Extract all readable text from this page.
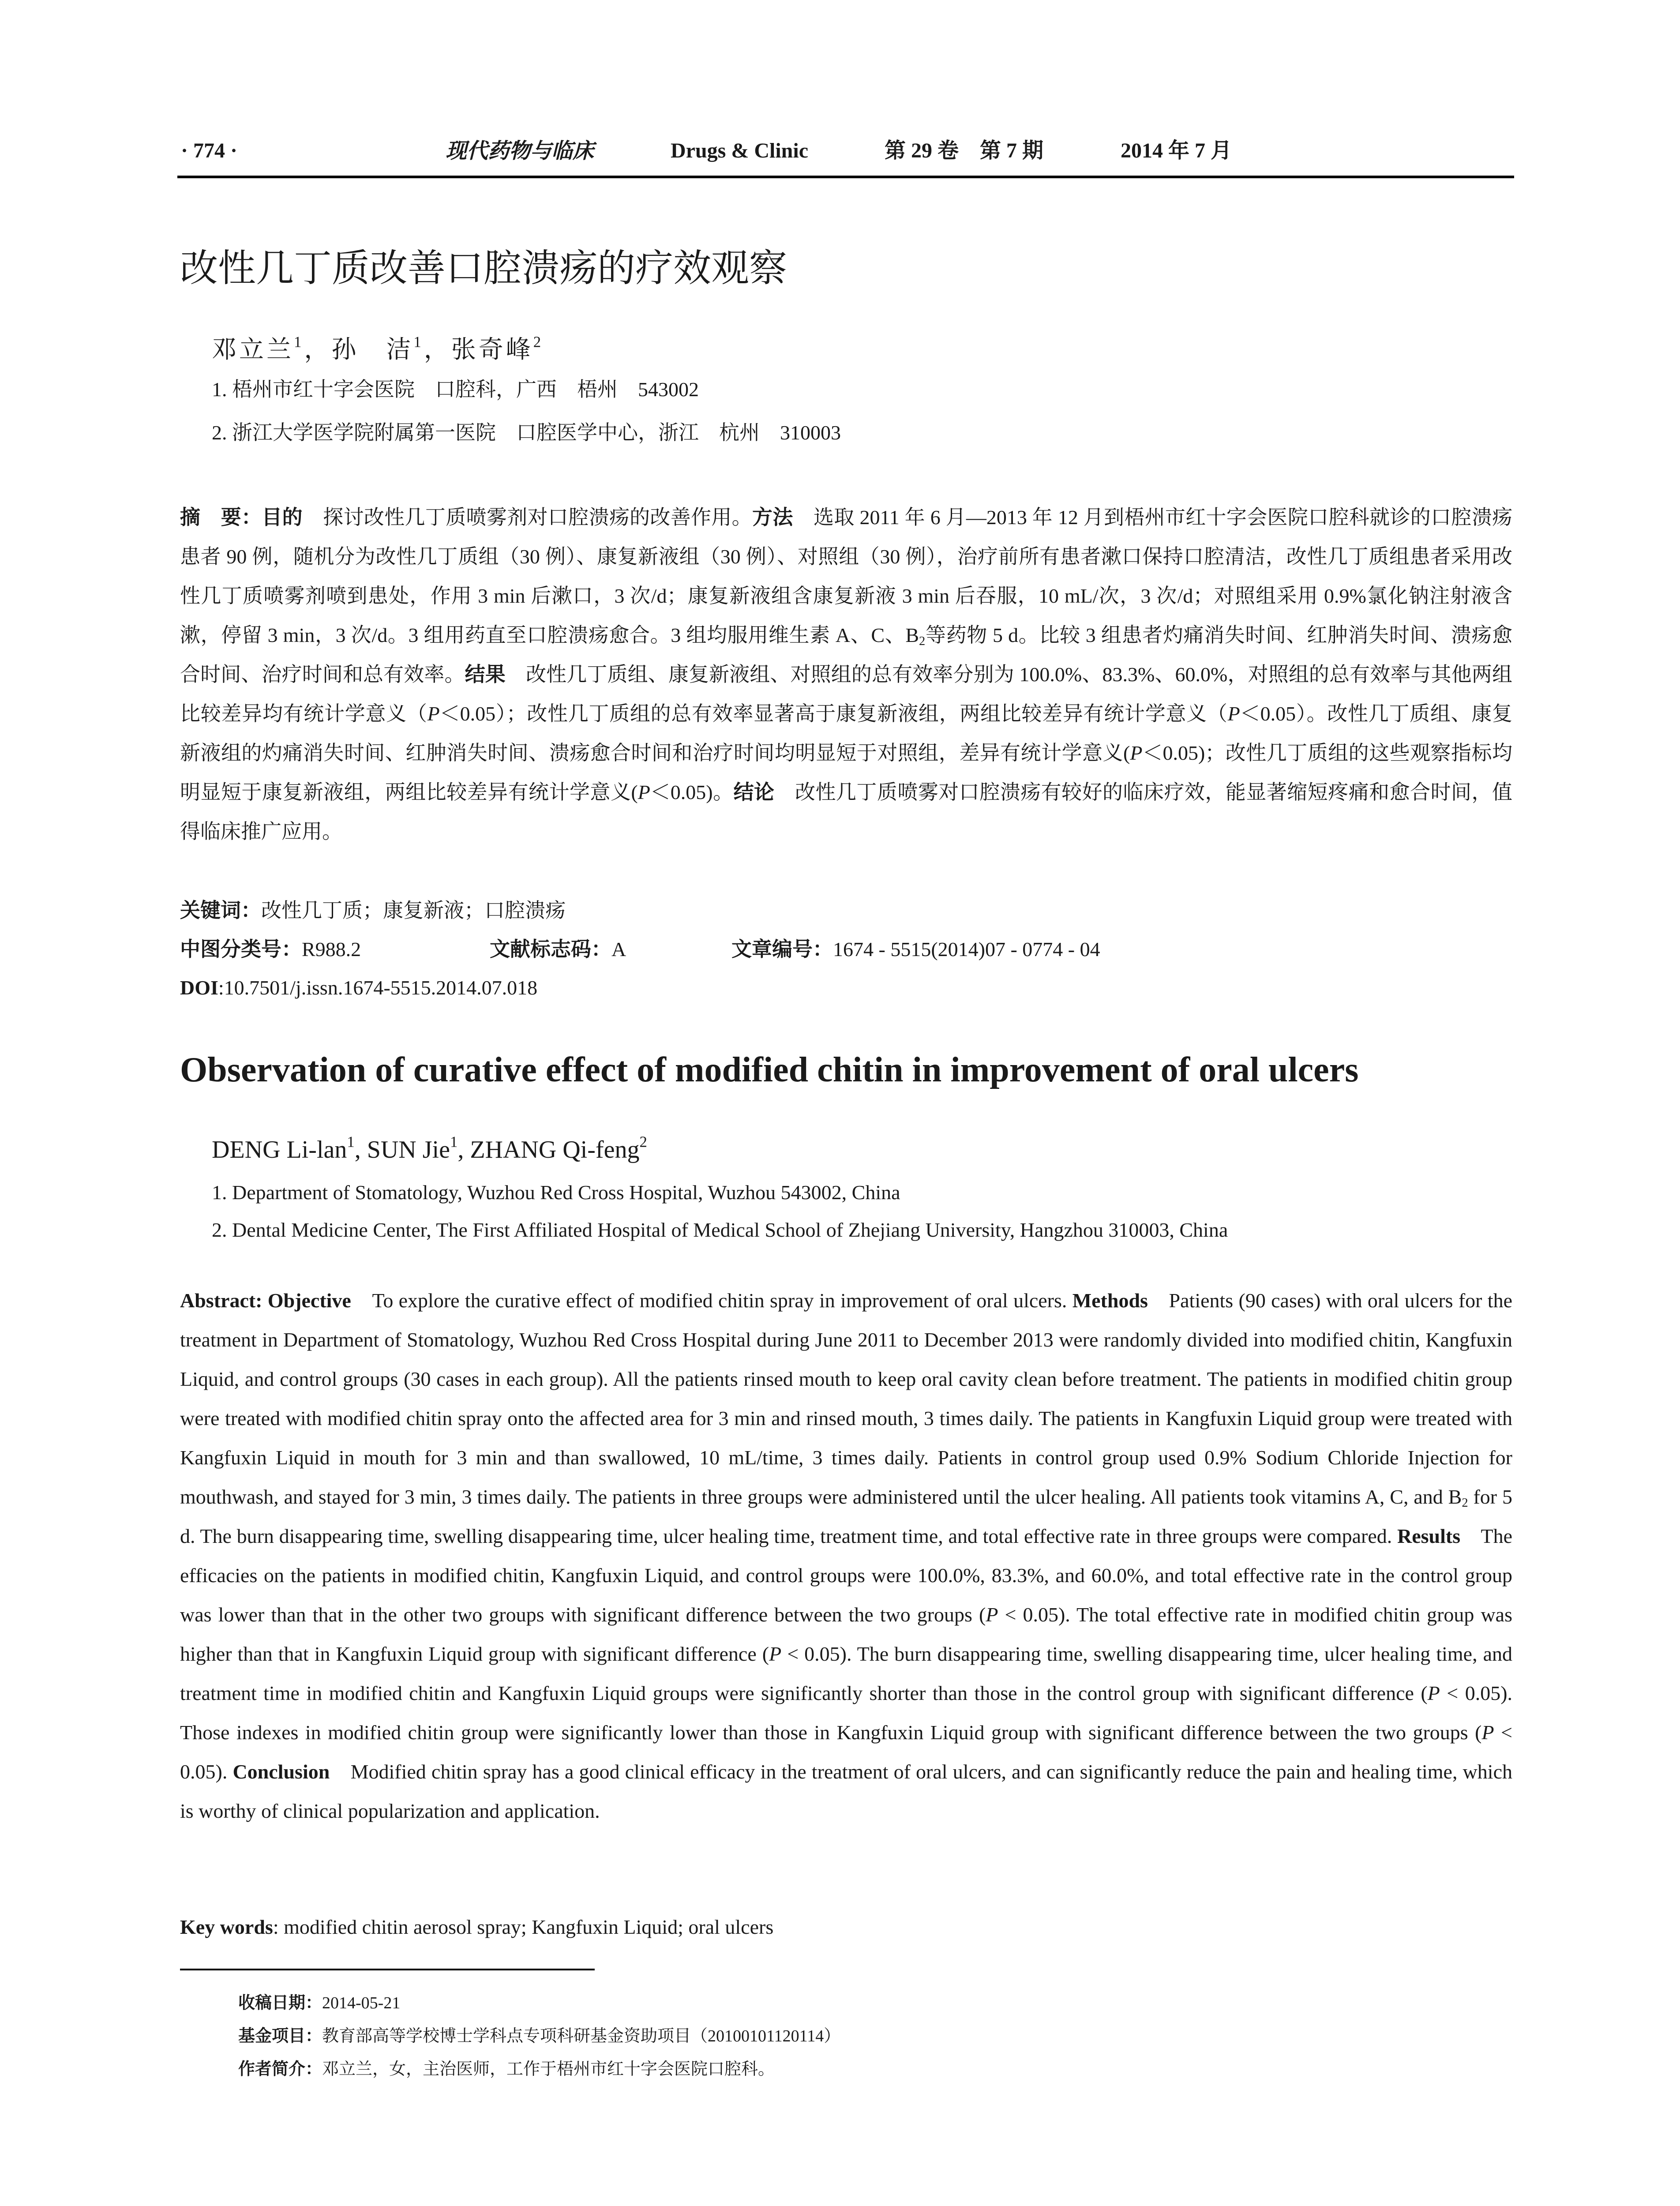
· 774 ·	现代药物与临床	Drugs & Clinic	第 29 卷　第 7 期	2014 年 7 月
改性几丁质改善口腔溃疡的疗效观察
邓立兰$^1$，孙　洁$^1$，张奇峰$^2$
1. 梧州市红十字会医院　口腔科，广西　梧州　543002
2. 浙江大学医学院附属第一医院　口腔医学中心，浙江　杭州　310003
摘　要：目的　探讨改性几丁质喷雾剂对口腔溃疡的改善作用。方法　选取 2011 年 6 月—2013 年 12 月到梧州市红十字会医院口腔科就诊的口腔溃疡患者 90 例，随机分为改性几丁质组（30 例）、康复新液组（30 例）、对照组（30 例），治疗前所有患者漱口保持口腔清洁，改性几丁质组患者采用改性几丁质喷雾剂喷到患处，作用 3 min 后漱口，3 次/d；康复新液组含康复新液 3 min 后吞服，10 mL/次，3 次/d；对照组采用 0.9%氯化钠注射液含漱，停留 3 min，3 次/d。3 组用药直至口腔溃疡愈合。3 组均服用维生素 A、C、$B_2$等药物 5 d。比较 3 组患者灼痛消失时间、红肿消失时间、溃疡愈合时间、治疗时间和总有效率。结果　改性几丁质组、康复新液组、对照组的总有效率分别为 100.0%、83.3%、60.0%，对照组的总有效率与其他两组比较差异均有统计学意义（P＜0.05）；改性几丁质组的总有效率显著高于康复新液组，两组比较差异有统计学意义（P＜0.05）。改性几丁质组、康复新液组的灼痛消失时间、红肿消失时间、溃疡愈合时间和治疗时间均明显短于对照组，差异有统计学意义(P＜0.05)；改性几丁质组的这些观察指标均明显短于康复新液组，两组比较差异有统计学意义(P＜0.05)。结论　改性几丁质喷雾对口腔溃疡有较好的临床疗效，能显著缩短疼痛和愈合时间，值得临床推广应用。
关键词：改性几丁质；康复新液；口腔溃疡
中图分类号：R988.2	文献标志码：A	文章编号：1674 - 5515(2014)07 - 0774 - 04
DOI:10.7501/j.issn.1674-5515.2014.07.018
Observation of curative effect of modified chitin in improvement of oral ulcers
DENG Li-lan$^1$, SUN Jie$^1$, ZHANG Qi-feng$^2$
1. Department of Stomatology, Wuzhou Red Cross Hospital, Wuzhou 543002, China
2. Dental Medicine Center, The First Affiliated Hospital of Medical School of Zhejiang University, Hangzhou 310003, China
Abstract: Objective　To explore the curative effect of modified chitin spray in improvement of oral ulcers. Methods　Patients (90 cases) with oral ulcers for the treatment in Department of Stomatology, Wuzhou Red Cross Hospital during June 2011 to December 2013 were randomly divided into modified chitin, Kangfuxin Liquid, and control groups (30 cases in each group). All the patients rinsed mouth to keep oral cavity clean before treatment. The patients in modified chitin group were treated with modified chitin spray onto the affected area for 3 min and rinsed mouth, 3 times daily. The patients in Kangfuxin Liquid group were treated with Kangfuxin Liquid in mouth for 3 min and than swallowed, 10 mL/time, 3 times daily. Patients in control group used 0.9% Sodium Chloride Injection for mouthwash, and stayed for 3 min, 3 times daily. The patients in three groups were administered until the ulcer healing. All patients took vitamins A, C, and $B_2$ for 5 d. The burn disappearing time, swelling disappearing time, ulcer healing time, treatment time, and total effective rate in three groups were compared. Results　The efficacies on the patients in modified chitin, Kangfuxin Liquid, and control groups were 100.0%, 83.3%, and 60.0%, and total effective rate in the control group was lower than that in the other two groups with significant difference between the two groups (P < 0.05). The total effective rate in modified chitin group was higher than that in Kangfuxin Liquid group with significant difference (P < 0.05). The burn disappearing time, swelling disappearing time, ulcer healing time, and treatment time in modified chitin and Kangfuxin Liquid groups were significantly shorter than those in the control group with significant difference (P < 0.05). Those indexes in modified chitin group were significantly lower than those in Kangfuxin Liquid group with significant difference between the two groups (P < 0.05). Conclusion　Modified chitin spray has a good clinical efficacy in the treatment of oral ulcers, and can significantly reduce the pain and healing time, which is worthy of clinical popularization and application.
Key words: modified chitin aerosol spray; Kangfuxin Liquid; oral ulcers
收稿日期：2014-05-21
基金项目：教育部高等学校博士学科点专项科研基金资助项目（20100101120114）
作者简介：邓立兰，女，主治医师，工作于梧州市红十字会医院口腔科。
